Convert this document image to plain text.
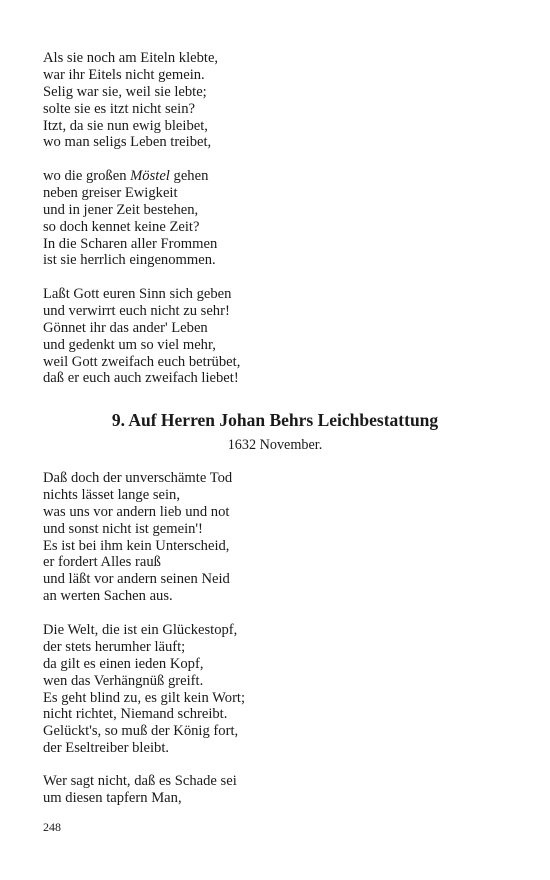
Als sie noch am Eiteln klebte,
war ihr Eitels nicht gemein.
Selig war sie, weil sie lebte;
solte sie es itzt nicht sein?
Itzt, da sie nun ewig bleibet,
wo man seligs Leben treibet,
wo die großen Möstel gehen
neben greiser Ewigkeit
und in jener Zeit bestehen,
so doch kennet keine Zeit?
In die Scharen aller Frommen
ist sie herrlich eingenommen.
Laßt Gott euren Sinn sich geben
und verwirrt euch nicht zu sehr!
Gönnet ihr das ander' Leben
und gedenkt um so viel mehr,
weil Gott zweifach euch betrübet,
daß er euch auch zweifach liebet!
9. Auf Herren Johan Behrs Leichbestattung
1632 November.
Daß doch der unverschämte Tod
nichts lässet lange sein,
was uns vor andern lieb und not
und sonst nicht ist gemein'!
Es ist bei ihm kein Unterscheid,
er fordert Alles rauß
und läßt vor andern seinen Neid
an werten Sachen aus.
Die Welt, die ist ein Glückestopf,
der stets herumher läuft;
da gilt es einen ieden Kopf,
wen das Verhängnüß greift.
Es geht blind zu, es gilt kein Wort;
nicht richtet, Niemand schreibt.
Gelückt's, so muß der König fort,
der Eseltreiber bleibt.
Wer sagt nicht, daß es Schade sei
um diesen tapfern Man,
248
